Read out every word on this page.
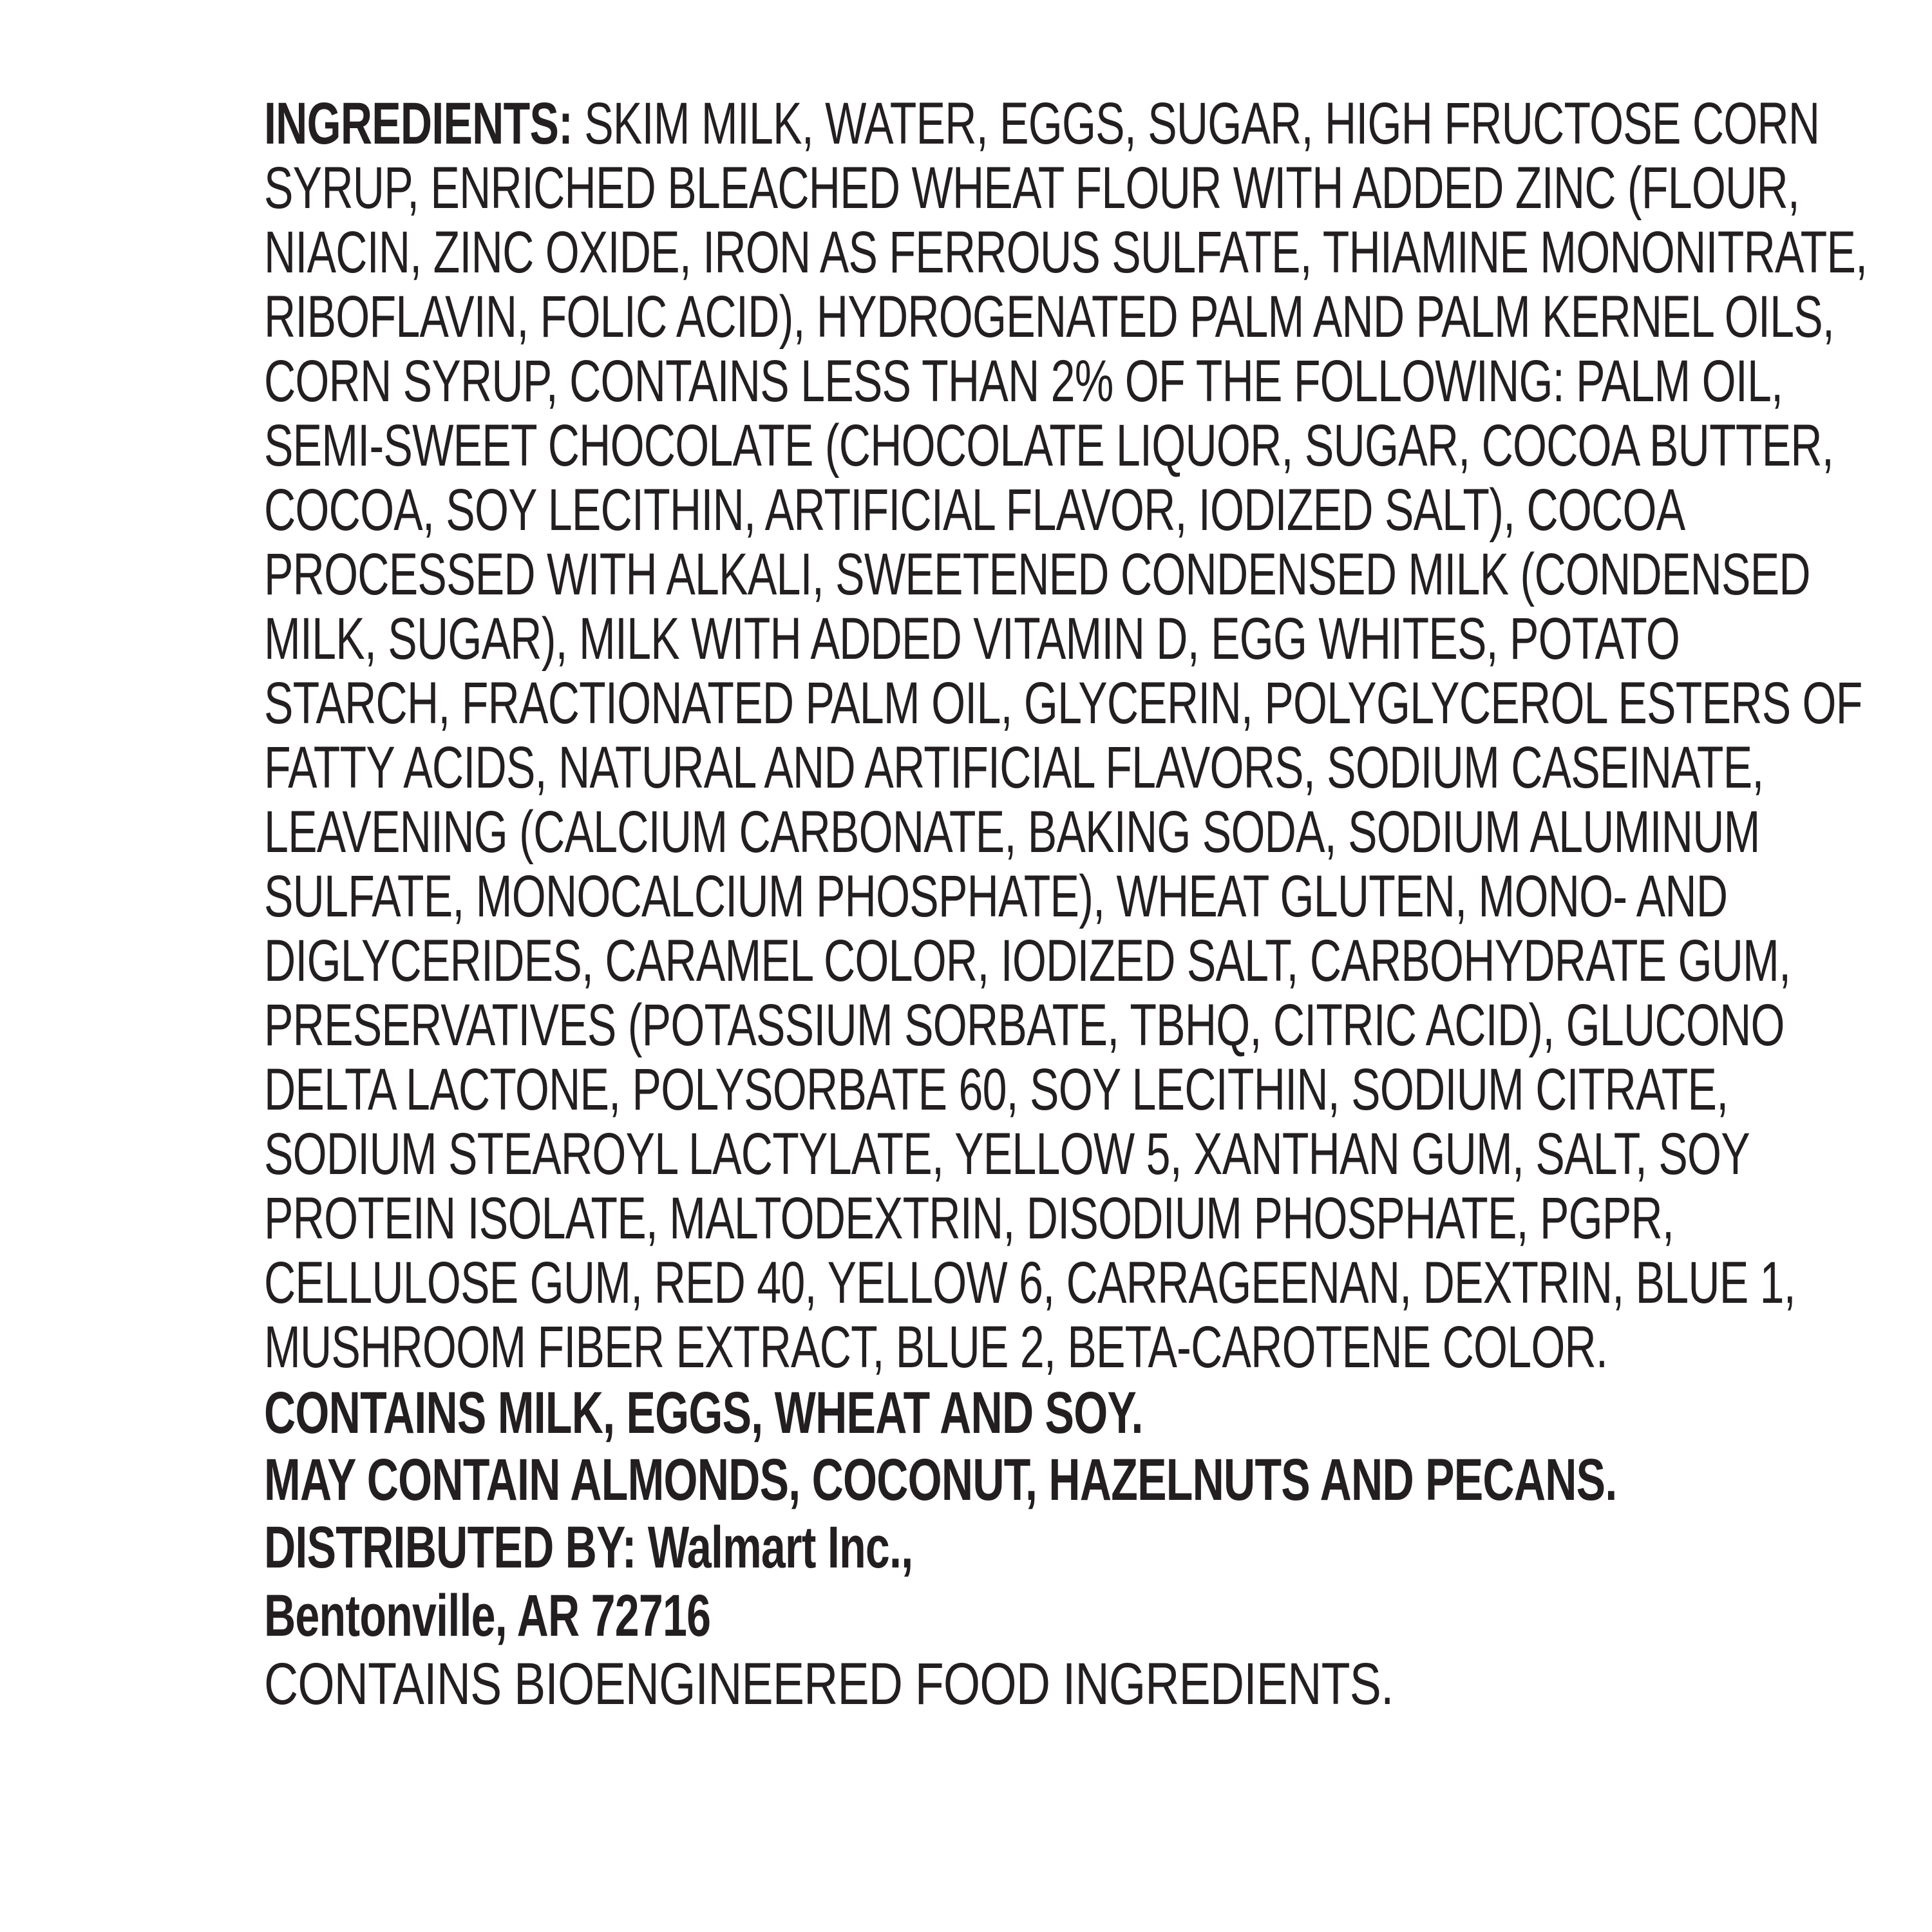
INGREDIENTS: SKIM MILK, WATER, EGGS, SUGAR, HIGH FRUCTOSE CORN
SYRUP, ENRICHED BLEACHED WHEAT FLOUR WITH ADDED ZINC (FLOUR,
NIACIN, ZINC OXIDE, IRON AS FERROUS SULFATE, THIAMINE MONONITRATE,
RIBOFLAVIN, FOLIC ACID), HYDROGENATED PALM AND PALM KERNEL OILS,
CORN SYRUP, CONTAINS LESS THAN 2% OF THE FOLLOWING: PALM OIL,
SEMI-SWEET CHOCOLATE (CHOCOLATE LIQUOR, SUGAR, COCOA BUTTER,
COCOA, SOY LECITHIN, ARTIFICIAL FLAVOR, IODIZED SALT), COCOA
PROCESSED WITH ALKALI, SWEETENED CONDENSED MILK (CONDENSED
MILK, SUGAR), MILK WITH ADDED VITAMIN D, EGG WHITES, POTATO
STARCH, FRACTIONATED PALM OIL, GLYCERIN, POLYGLYCEROL ESTERS OF
FATTY ACIDS, NATURAL AND ARTIFICIAL FLAVORS, SODIUM CASEINATE,
LEAVENING (CALCIUM CARBONATE, BAKING SODA, SODIUM ALUMINUM
SULFATE, MONOCALCIUM PHOSPHATE), WHEAT GLUTEN, MONO- AND
DIGLYCERIDES, CARAMEL COLOR, IODIZED SALT, CARBOHYDRATE GUM,
PRESERVATIVES (POTASSIUM SORBATE, TBHQ, CITRIC ACID), GLUCONO
DELTA LACTONE, POLYSORBATE 60, SOY LECITHIN, SODIUM CITRATE,
SODIUM STEAROYL LACTYLATE, YELLOW 5, XANTHAN GUM, SALT, SOY
PROTEIN ISOLATE, MALTODEXTRIN, DISODIUM PHOSPHATE, PGPR,
CELLULOSE GUM, RED 40, YELLOW 6, CARRAGEENAN, DEXTRIN, BLUE 1,
MUSHROOM FIBER EXTRACT, BLUE 2, BETA-CAROTENE COLOR.
CONTAINS MILK, EGGS, WHEAT AND SOY.
MAY CONTAIN ALMONDS, COCONUT, HAZELNUTS AND PECANS.
DISTRIBUTED BY: Walmart Inc.,
Bentonville, AR 72716
CONTAINS BIOENGINEERED FOOD INGREDIENTS.
